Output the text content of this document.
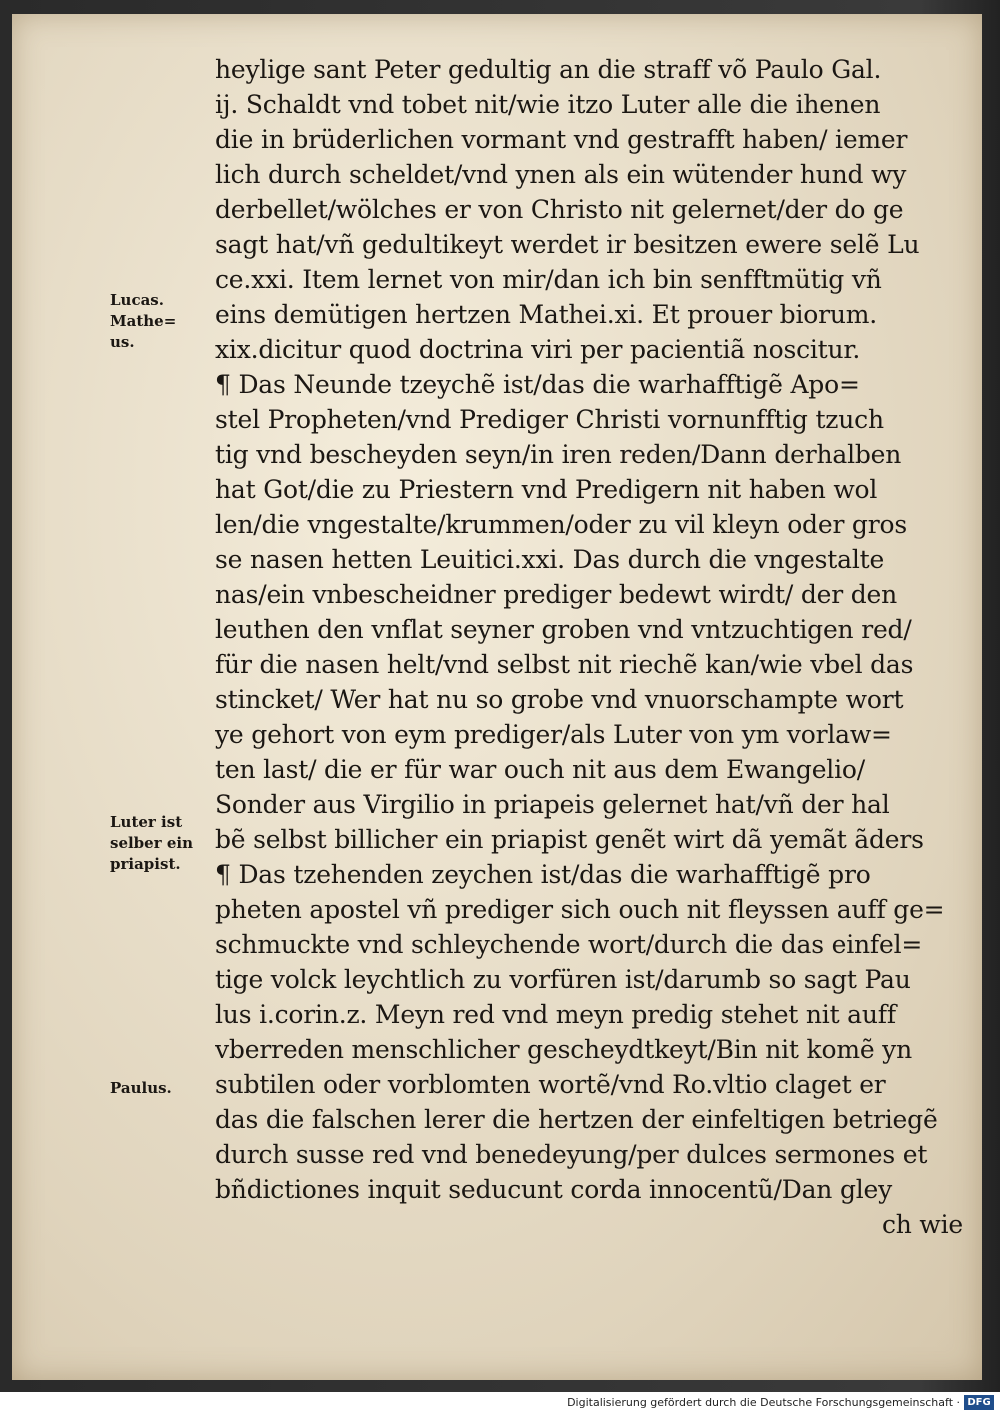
heylige sant Peter gedultig an die straff võ Paulo Gal.
ij. Schaldt vnd tobet nit/wie itzo Luter alle die ihenen
die in brüderlichen vormant vnd gestrafft haben/ iemer
lich durch scheldet/vnd ynen als ein wütender hund wy
derbellet/wölches er von Christo nit gelernet/der do ge
sagt hat/vñ gedultikeyt werdet ir besitzen ewere selẽ Lu
ce.xxi. Item lernet von mir/dan ich bin senfftmütig vñ
eins demütigen hertzen Mathei.xi. Et prouer biorum.
xix.dicitur quod doctrina viri per pacientiã noscitur.
¶ Das Neunde tzeychẽ ist/das die warhafftigẽ Apo=
stel Propheten/vnd Prediger Christi vornunfftig tzuch
tig vnd bescheyden seyn/in iren reden/Dann derhalben
hat Got/die zu Priestern vnd Predigern nit haben wol
len/die vngestalte/krummen/oder zu vil kleyn oder gros
se nasen hetten Leuitici.xxi. Das durch die vngestalte
nas/ein vnbescheidner prediger bedewt wirdt/ der den
leuthen den vnflat seyner groben vnd vntzuchtigen red/
für die nasen helt/vnd selbst nit riechẽ kan/wie vbel das
stincket/ Wer hat nu so grobe vnd vnuorschampte wort
ye gehort von eym prediger/als Luter von ym vorlaw=
ten last/ die er für war ouch nit aus dem Ewangelio/
Sonder aus Virgilio in priapeis gelernet hat/vñ der hal
bẽ selbst billicher ein priapist genẽt wirt dã yemãt ãders
¶ Das tzehenden zeychen ist/das die warhafftigẽ pro
pheten apostel vñ prediger sich ouch nit fleyssen auff ge=
schmuckte vnd schleychende wort/durch die das einfel=
tige volck leychtlich zu vorfüren ist/darumb so sagt Pau
lus i.corin.z. Meyn red vnd meyn predig stehet nit auff
vberreden menschlicher gescheydtkeyt/Bin nit komẽ yn
subtilen oder vorblomten wortẽ/vnd Ro.vltio claget er
das die falschen lerer die hertzen der einfeltigen betriegẽ
durch susse red vnd benedeyung/per dulces sermones et
bñdictiones inquit seducunt corda innocentũ/Dan gley
ch wie
Lucas.
Mathe=
us.
Luter ist
selber ein
priapist.
Paulus.
Digitalisierung gefördert durch die Deutsche Forschungsgemeinschaft · DFG
